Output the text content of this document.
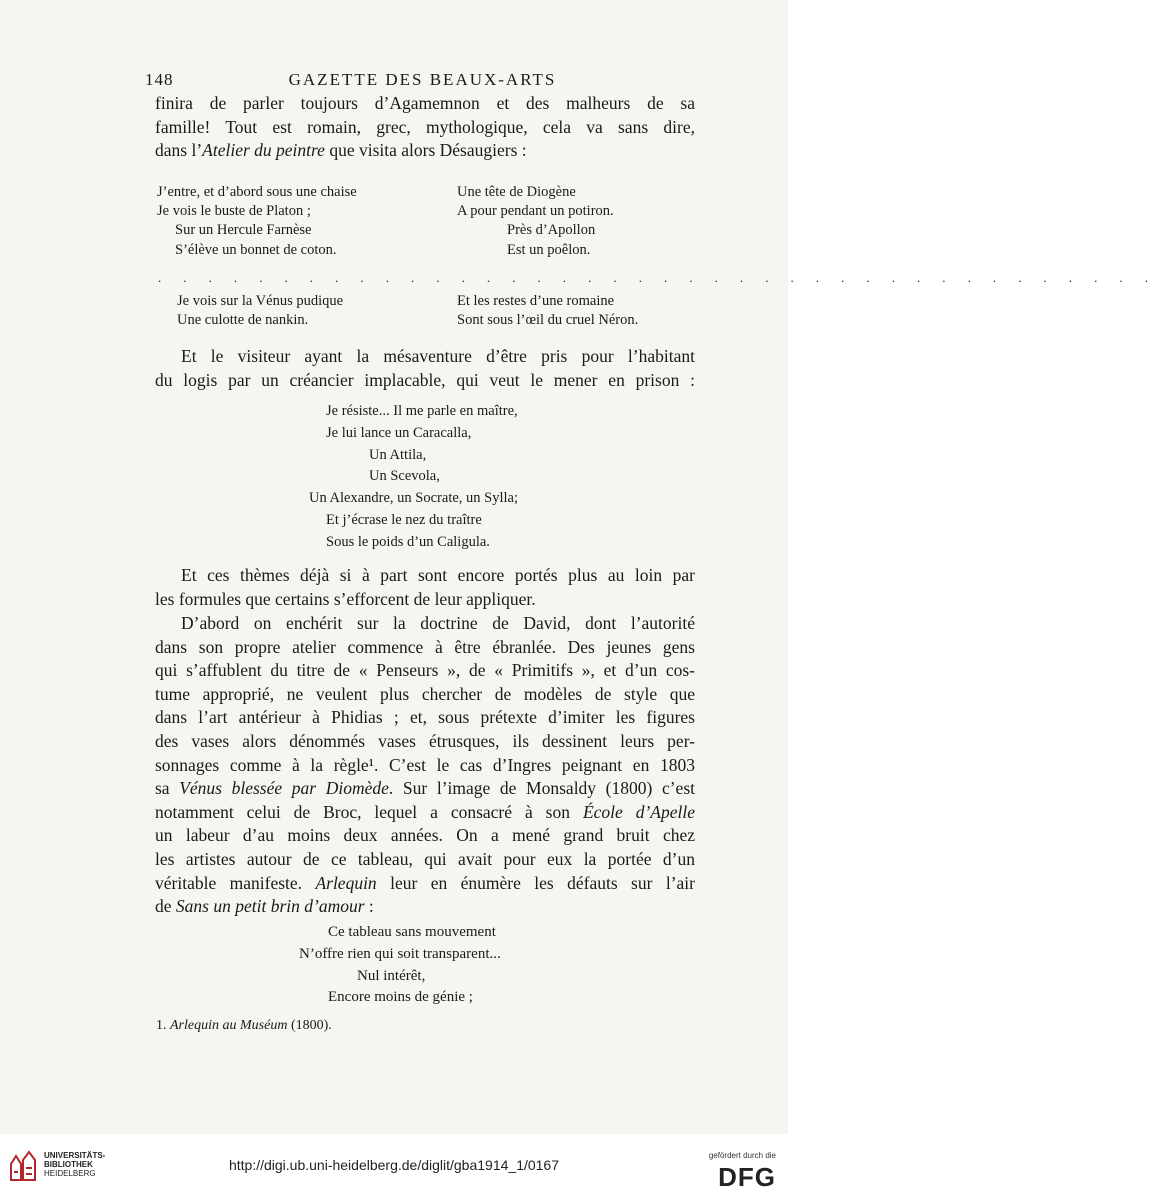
148	GAZETTE DES BEAUX-ARTS
finira de parler toujours d’Agamemnon et des malheurs de sa
famille! Tout est romain, grec, mythologique, cela va sans dire,
dans l’Atelier du peintre que visita alors Désaugiers :
J’entre, et d’abord sous une chaise
Je vois le buste de Platon ;
Sur un Hercule Farnèse
S’élève un bonnet de coton.
Une tête de Diogène
A pour pendant un potiron.
Près d’Apollon
Est un poêlon.
. . . . . . . . . . . . . . . . . . . . . . . . . . . . . . . . . . . . . . . .
Je vois sur la Vénus pudique
Une culotte de nankin.
Et les restes d’une romaine
Sont sous l’œil du cruel Néron.
Et le visiteur ayant la mésaventure d’être pris pour l’habitant
du logis par un créancier implacable, qui veut le mener en prison :
Je résiste... Il me parle en maître,
Je lui lance un Caracalla,
Un Attila,
Un Scevola,
Un Alexandre, un Socrate, un Sylla;
Et j’écrase le nez du traître
Sous le poids d’un Caligula.
Et ces thèmes déjà si à part sont encore portés plus au loin par
les formules que certains s’efforcent de leur appliquer.
D’abord on enchérit sur la doctrine de David, dont l’autorité
dans son propre atelier commence à être ébranlée. Des jeunes gens
qui s’affublent du titre de « Penseurs », de « Primitifs », et d’un cos-
tume approprié, ne veulent plus chercher de modèles de style que
dans l’art antérieur à Phidias ; et, sous prétexte d’imiter les figures
des vases alors dénommés vases étrusques, ils dessinent leurs per-
sonnages comme à la règle¹. C’est le cas d’Ingres peignant en 1803
sa Vénus blessée par Diomède. Sur l’image de Monsaldy (1800) c’est
notamment celui de Broc, lequel a consacré à son École d’Apelle
un labeur d’au moins deux années. On a mené grand bruit chez
les artistes autour de ce tableau, qui avait pour eux la portée d’un
véritable manifeste. Arlequin leur en énumère les défauts sur l’air
de Sans un petit brin d’amour :
Ce tableau sans mouvement
N’offre rien qui soit transparent...
Nul intérêt,
Encore moins de génie ;
1. Arlequin au Muséum (1800).
UNIVERSITÄTS-
BIBLIOTHEK
HEIDELBERG
http://digi.ub.uni-heidelberg.de/diglit/gba1914_1/0167
gefördert durch die
DFG
